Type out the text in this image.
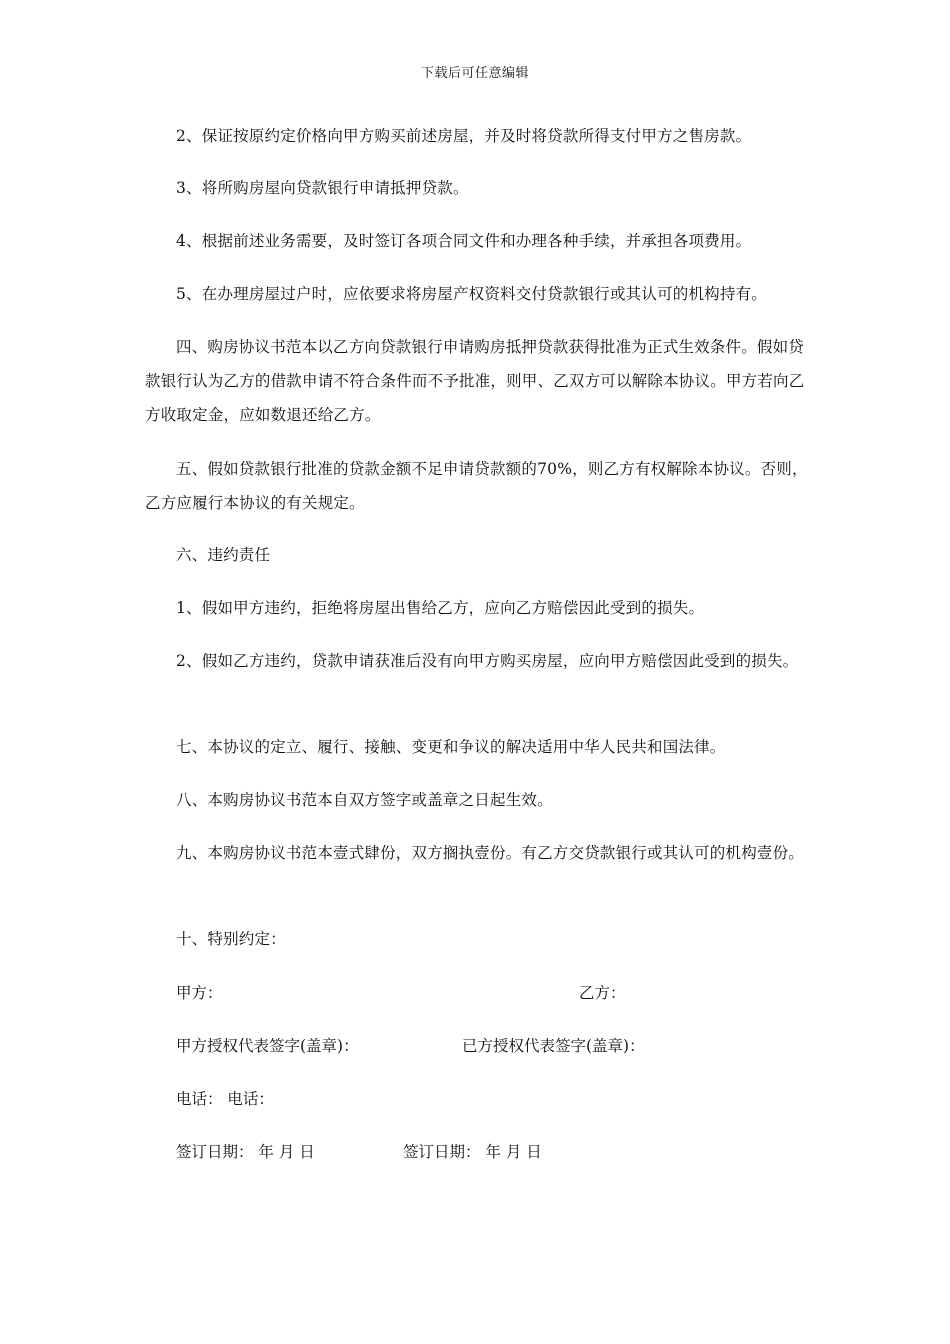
下载后可任意编辑
2、保证按原约定价格向甲方购买前述房屋，并及时将贷款所得支付甲方之售房款。
3、将所购房屋向贷款银行申请抵押贷款。
4、根据前述业务需要，及时签订各项合同文件和办理各种手续，并承担各项费用。
5、在办理房屋过户时，应依要求将房屋产权资料交付贷款银行或其认可的机构持有。
四、购房协议书范本以乙方向贷款银行申请购房抵押贷款获得批准为正式生效条件。假如贷款银行认为乙方的借款申请不符合条件而不予批准，则甲、乙双方可以解除本协议。甲方若向乙方收取定金，应如数退还给乙方。
五、假如贷款银行批准的贷款金额不足申请贷款额的70%，则乙方有权解除本协议。否则，乙方应履行本协议的有关规定。
六、违约责任
1、假如甲方违约，拒绝将房屋出售给乙方，应向乙方赔偿因此受到的损失。
2、假如乙方违约，贷款申请获准后没有向甲方购买房屋，应向甲方赔偿因此受到的损失。
七、本协议的定立、履行、接触、变更和争议的解决适用中华人民共和国法律。
八、本购房协议书范本自双方签字或盖章之日起生效。
九、本购房协议书范本壹式肆份，双方搁执壹份。有乙方交贷款银行或其认可的机构壹份。
十、特别约定：
甲方：	乙方：
甲方授权代表签字(盖章)：	已方授权代表签字(盖章)：
电话： 电话：
签订日期： 年 月 日	签订日期： 年 月 日
